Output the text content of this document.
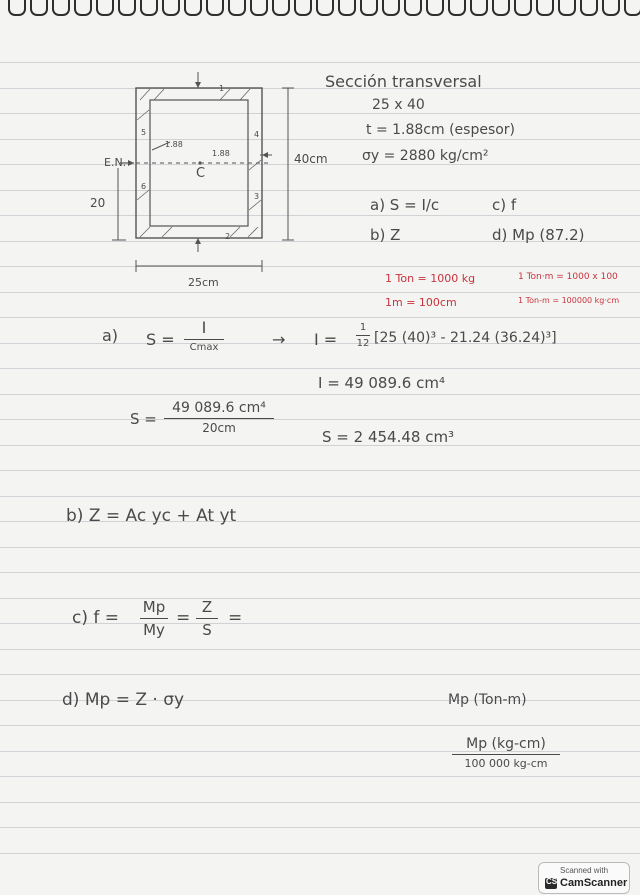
E.N.
1.88
1.88
C
20
40cm
25cm
1
2
3
4
5
6
Sección transversal
25 x 40
t = 1.88cm (espesor)
σy = 2880 kg/cm²
a) S = I/c	c) f
b) Z	d) Mp (87.2)
1 Ton = 1000 kg	1 Ton·m = 1000 x 100
1m = 100cm	1 Ton-m = 100000 kg·cm
a) S =
I
Cmax	→ I =
1
12 [25 (40)³ - 21.24 (36.24)³]
I = 49 089.6 cm⁴
S =
49 089.6 cm⁴
20cm	S = 2 454.48 cm³
b) Z = Ac yc + At yt
c) f =
Mp
My
=
Z
S
=
d) Mp = Z · σy	Mp (Ton-m)
Mp (kg-cm)
100 000 kg-cm
Scanned with
CS CamScanner
